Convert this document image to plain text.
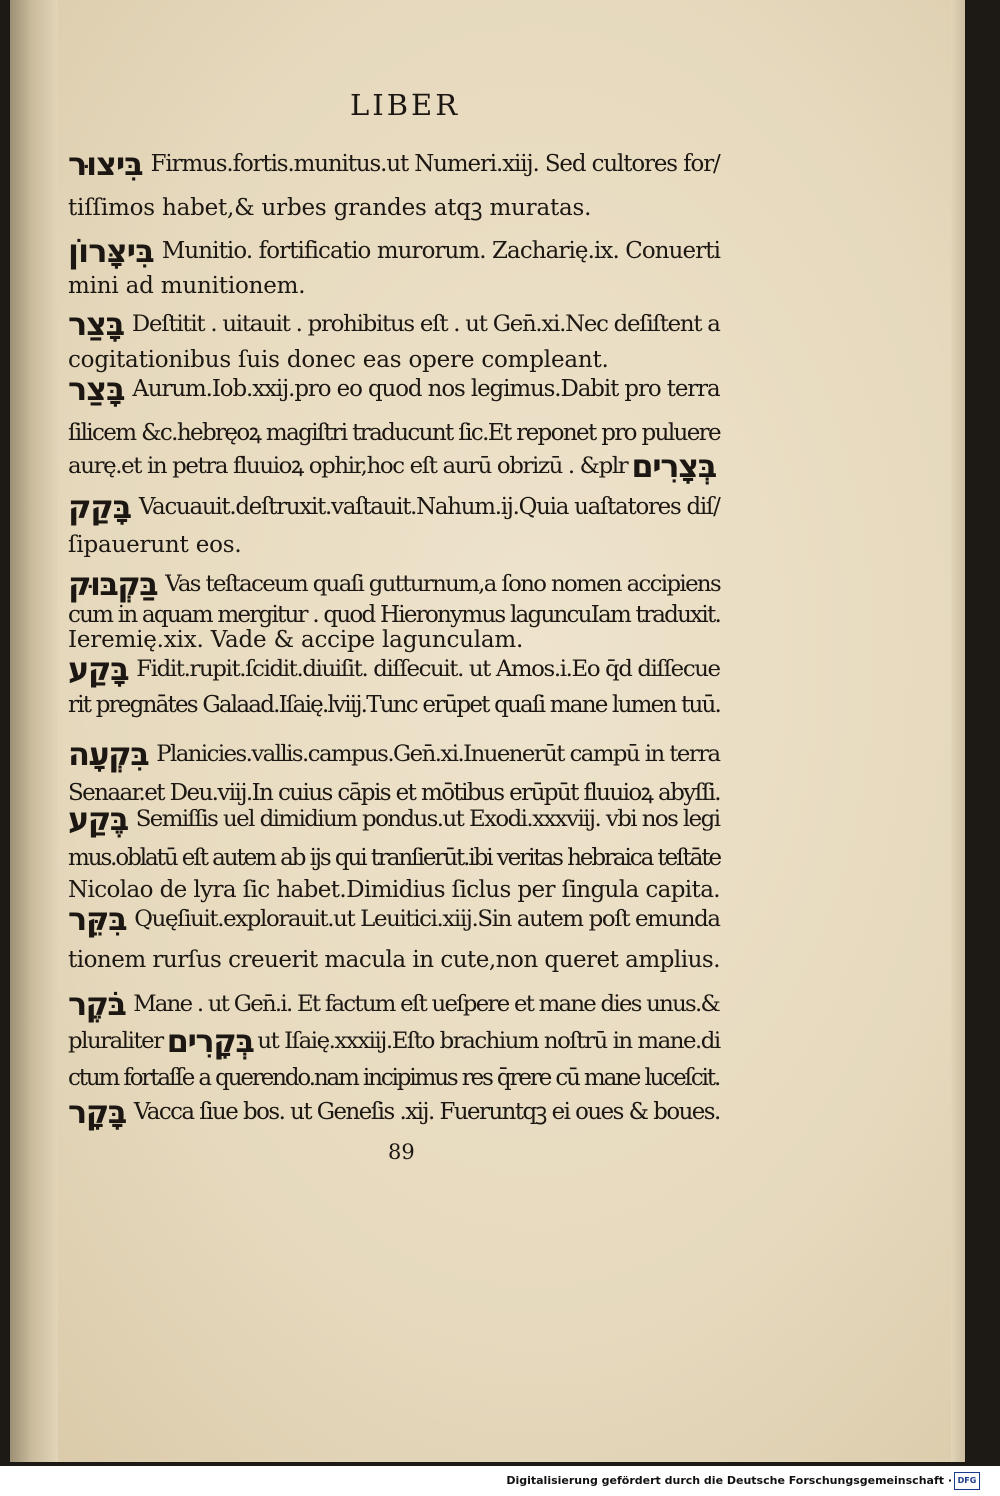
LIBER
בִּיצוּר Firmus.fortis.munitus.ut Numeri.xiij. Sed cultores for/
tiſſimos habet,& urbes grandes atqꝫ muratas.
בִּיצָּרוֹן Munitio. fortificatio murorum. Zacharię.ix. Conuerti
mini ad munitionem.
בָּצַר Deſtitit . uitauit . prohibitus eſt . ut Gen̄.xi.Nec deſiſtent a
cogitationibus ſuis donec eas opere compleant.
בָּצַר Aurum.Iob.xxij.pro eo quod nos legimus.Dabit pro terra
ſilicem &c.hebręoꝝ magiſtri traducunt ſic.Et reponet pro puluere
aurę.et in petra fluuioꝝ ophir,hoc eſt aurū obrizū . &plr בְּצָרִים
בָּקַק Vacuauit.deſtruxit.vaſtauit.Nahum.ij.Quia uaſtatores diſ/
ſipauerunt eos.
בַּקְבּוּק Vas teſtaceum quaſi gutturnum,a ſono nomen accipiens
cum in aquam mergitur . quod Hieronymus laguncuIam traduxit.
Ieremię.xix. Vade & accipe lagunculam.
בָּקַע Fidit.rupit.ſcidit.diuiſit. diſſecuit. ut Amos.i.Eo q̄d diſſecue
rit pregnātes Galaad.Iſaię.lviij.Tunc erūpet quaſi mane lumen tuū.
בִּקְעָה Planicies.vallis.campus.Gen̄.xi.Inuenerūt campū in terra
Senaar.et Deu.viij.In cuius cāpis et mōtibus erūpūt fluuioꝝ abyſſi.
בֶּקַע Semiſſis uel dimidium pondus.ut Exodi.xxxviij. vbi nos legi
mus.oblatū eſt autem ab ijs qui tranſierūt.ibi veritas hebraica teſtāte
Nicolao de lyra ſic habet.Dimidius ſiclus per ſingula capita.
בִּקֵּר Quęſiuit.explorauit.ut Leuitici.xiij.Sin autem poſt emunda
tionem rurſus creuerit macula in cute,non queret amplius.
בֹּקֶר Mane . ut Gen̄.i. Et factum eſt ueſpere et mane dies unus.&
pluraliter בְּקָרִים ut Iſaię.xxxiij.Eſto brachium noſtrū in mane.di
ctum fortaſſe a querendo.nam incipimus res q̄rere cū mane luceſcit.
בָּקָר Vacca ſiue bos. ut Geneſis .xij. Fueruntqꝫ ei oues & boues.
89
Digitalisierung gefördert durch die Deutsche Forschungsgemeinschaft · DFG
